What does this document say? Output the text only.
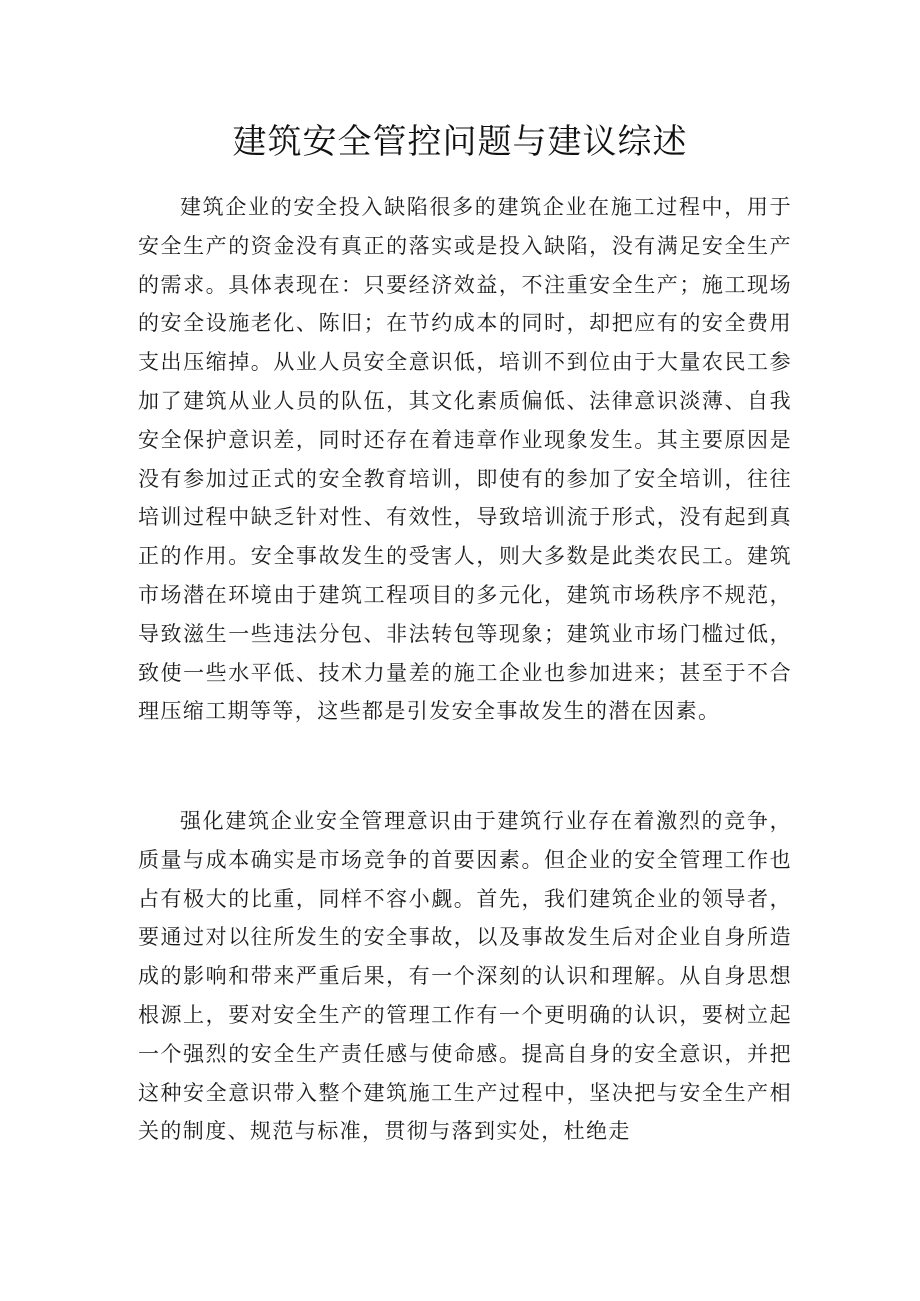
建筑安全管控问题与建议综述

建筑企业的安全投入缺陷很多的建筑企业在施工过程中，用于安全生产的资金没有真正的落实或是投入缺陷，没有满足安全生产的需求。具体表现在：只要经济效益，不注重安全生产；施工现场的安全设施老化、陈旧；在节约成本的同时，却把应有的安全费用支出压缩掉。从业人员安全意识低，培训不到位由于大量农民工参加了建筑从业人员的队伍，其文化素质偏低、法律意识淡薄、自我安全保护意识差，同时还存在着违章作业现象发生。其主要原因是没有参加过正式的安全教育培训，即使有的参加了安全培训，往往培训过程中缺乏针对性、有效性，导致培训流于形式，没有起到真正的作用。安全事故发生的受害人，则大多数是此类农民工。建筑市场潜在环境由于建筑工程项目的多元化，建筑市场秩序不规范，导致滋生一些违法分包、非法转包等现象；建筑业市场门槛过低，致使一些水平低、技术力量差的施工企业也参加进来；甚至于不合理压缩工期等等，这些都是引发安全事故发生的潜在因素。

强化建筑企业安全管理意识由于建筑行业存在着激烈的竞争，质量与成本确实是市场竞争的首要因素。但企业的安全管理工作也占有极大的比重，同样不容小觑。首先，我们建筑企业的领导者，要通过对以往所发生的安全事故，以及事故发生后对企业自身所造成的影响和带来严重后果，有一个深刻的认识和理解。从自身思想根源上，要对安全生产的管理工作有一个更明确的认识，要树立起一个强烈的安全生产责任感与使命感。提高自身的安全意识，并把这种安全意识带入整个建筑施工生产过程中，坚决把与安全生产相关的制度、规范与标准，贯彻与落到实处，杜绝走
